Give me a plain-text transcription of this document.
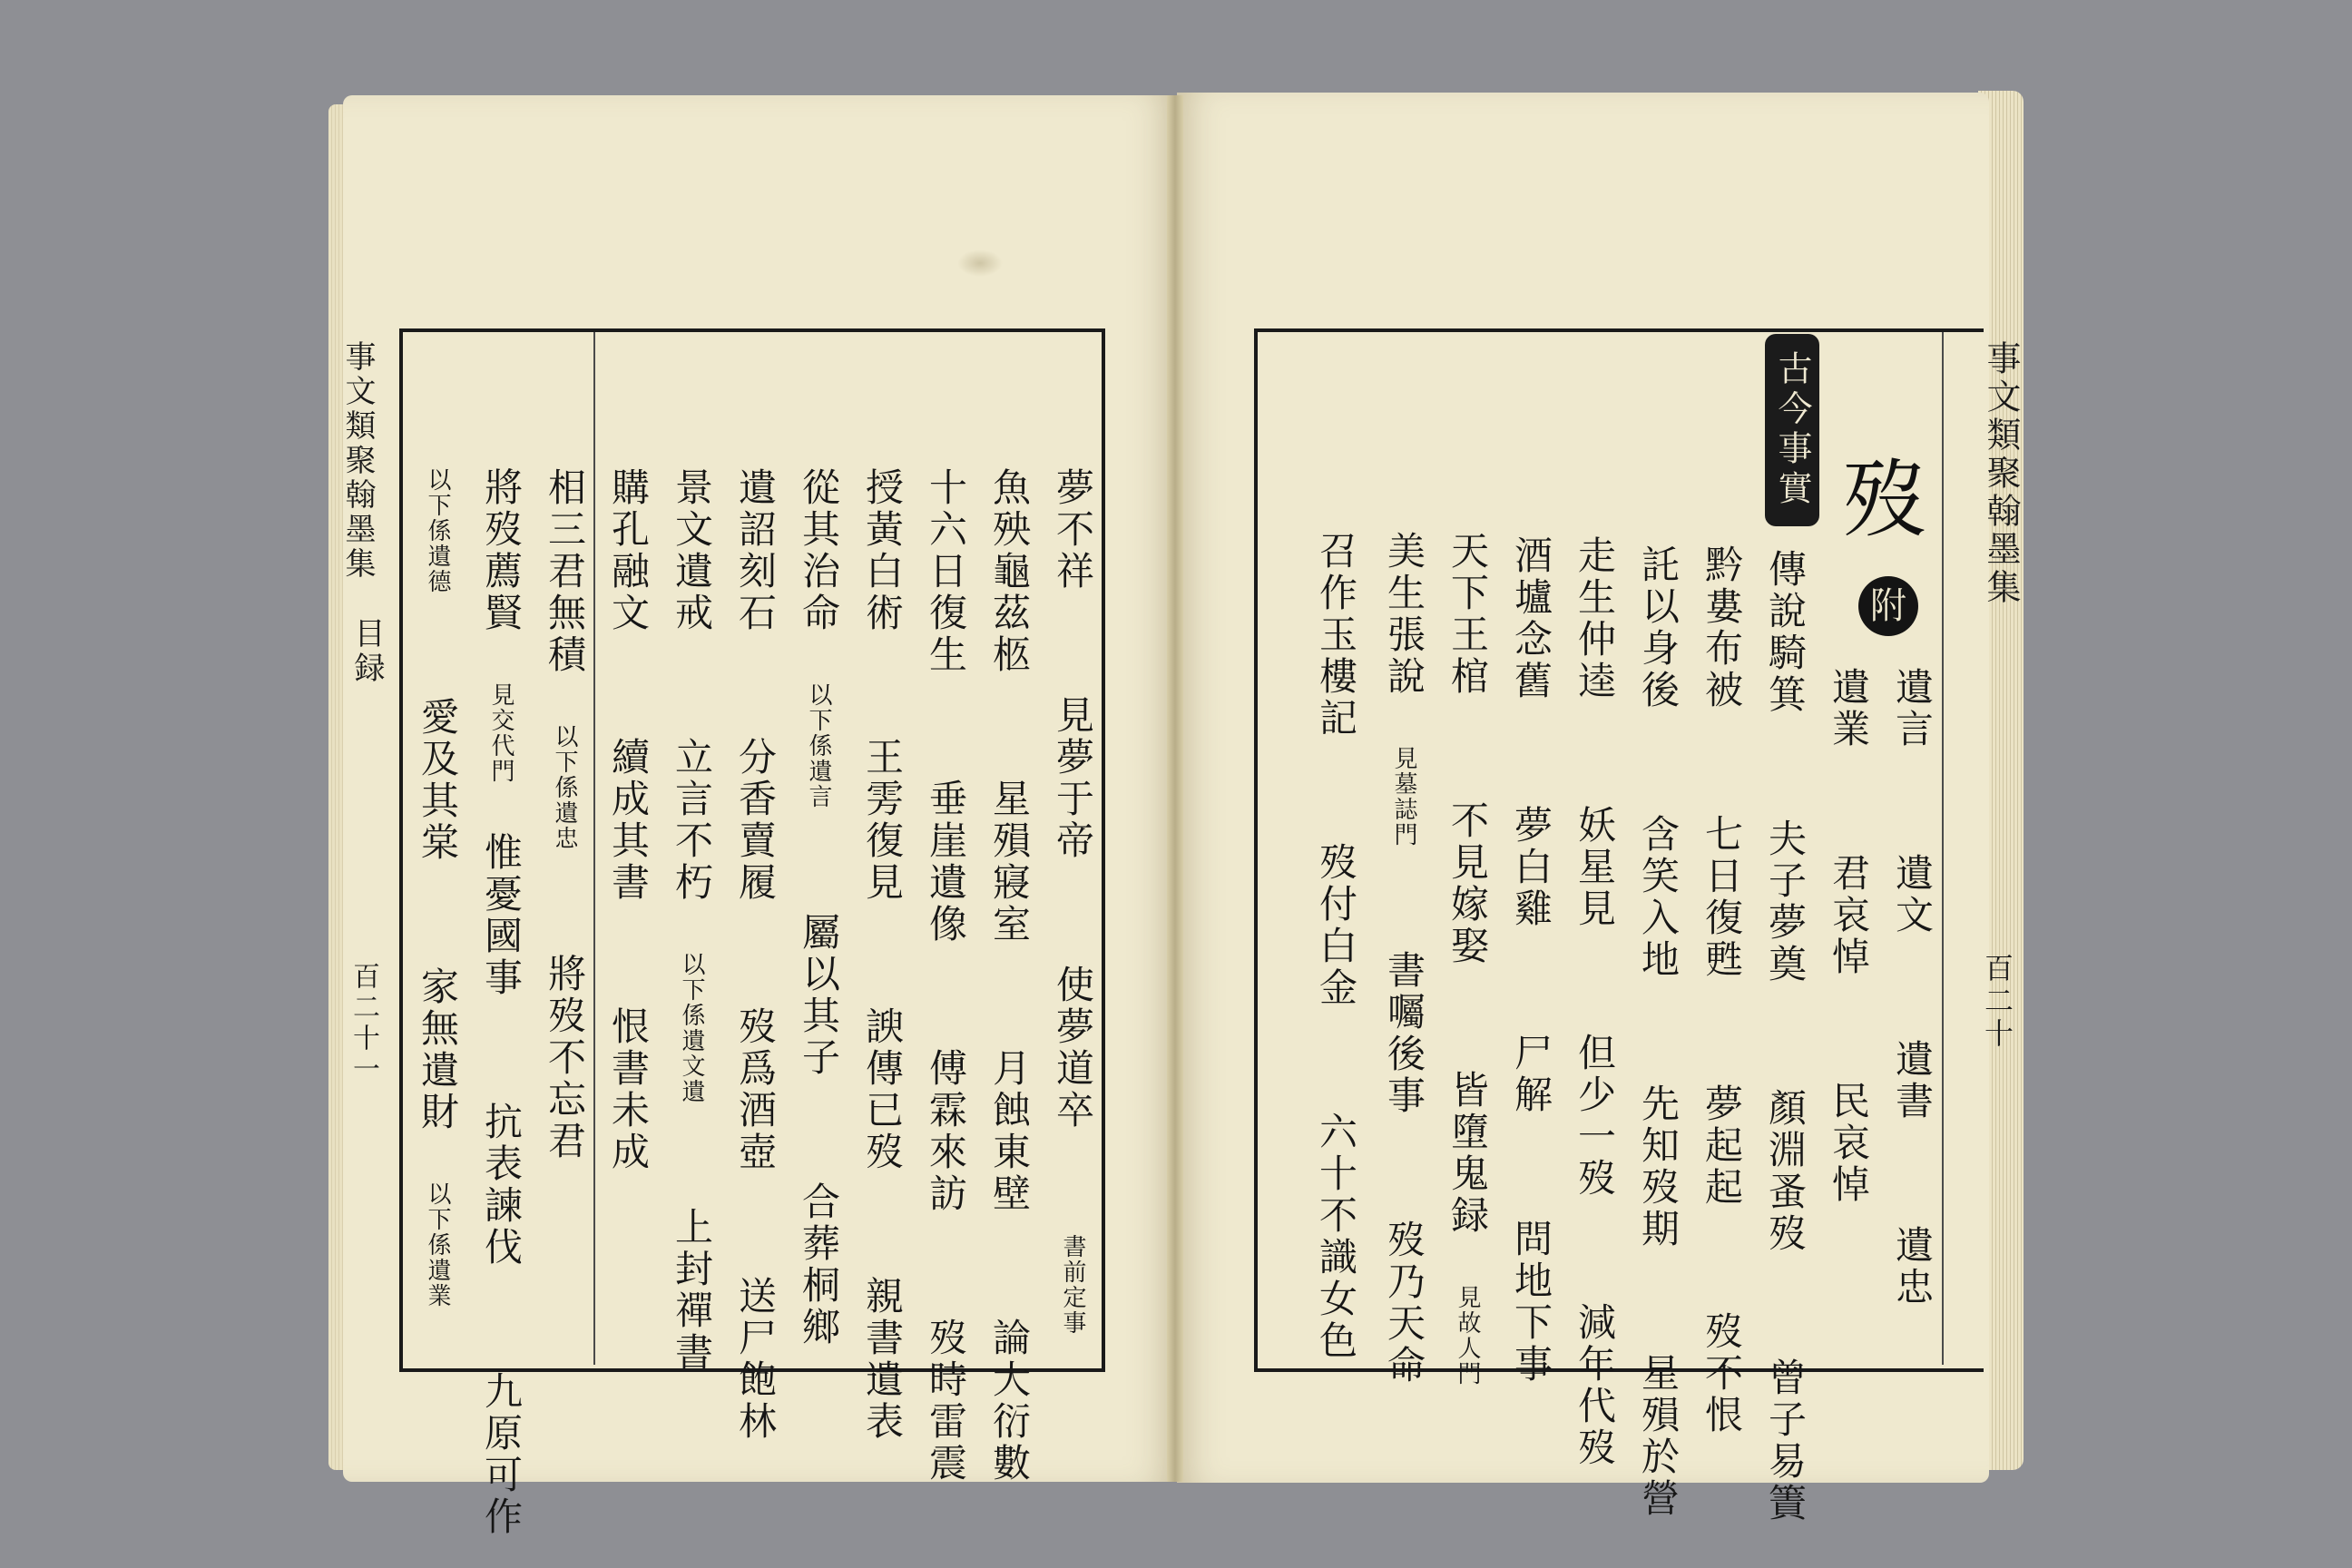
事文類聚翰墨集
目録
百二十一
事文類聚翰墨集
百二十
古今事實 歿
附
遺言 遺文 遺書 遺忠
遺業 君哀悼 民哀悼
傳說騎箕 夫子夢奠 顏淵蚤歿 曾子易簀
黔婁布被 七日復甦 夢起起 歿不恨
託以身後 含笑入地 先知歿期 星殞於營
走生仲逵 妖星見 但少一歿 減年代歿
酒壚念舊 夢白雞 尸解 問地下事
天下王棺 不見嫁娶 皆墮鬼録 見故人門
美生張說 見墓誌門 書囑後事 歿乃天命
召作玉樓記 歿付白金 六十不識女色
夢不祥 見夢于帝 使夢道卒 書前定事
魚殃龜茲柩 星殞寢室 月蝕東壁 論大衍數
十六日復生 垂崖遺像 傅霖來訪 歿時雷震
授黃白術 王雱復見 諛傳已歿 親書遺表
從其治命 以下係遺言 屬以其子 合葬桐鄉
遺詔刻石 分香賣履 歿爲酒壺 送尸飽林
景文遺戒 立言不朽 以下係遺文遺 上封禪書
購孔融文 續成其書 恨書未成
相三君無積 以下係遺忠 將歿不忘君
將歿薦賢 見交代門 惟憂國事 抗表諫伐 九原可作
以下係遺德 愛及其棠 家無遺財 以下係遺業
